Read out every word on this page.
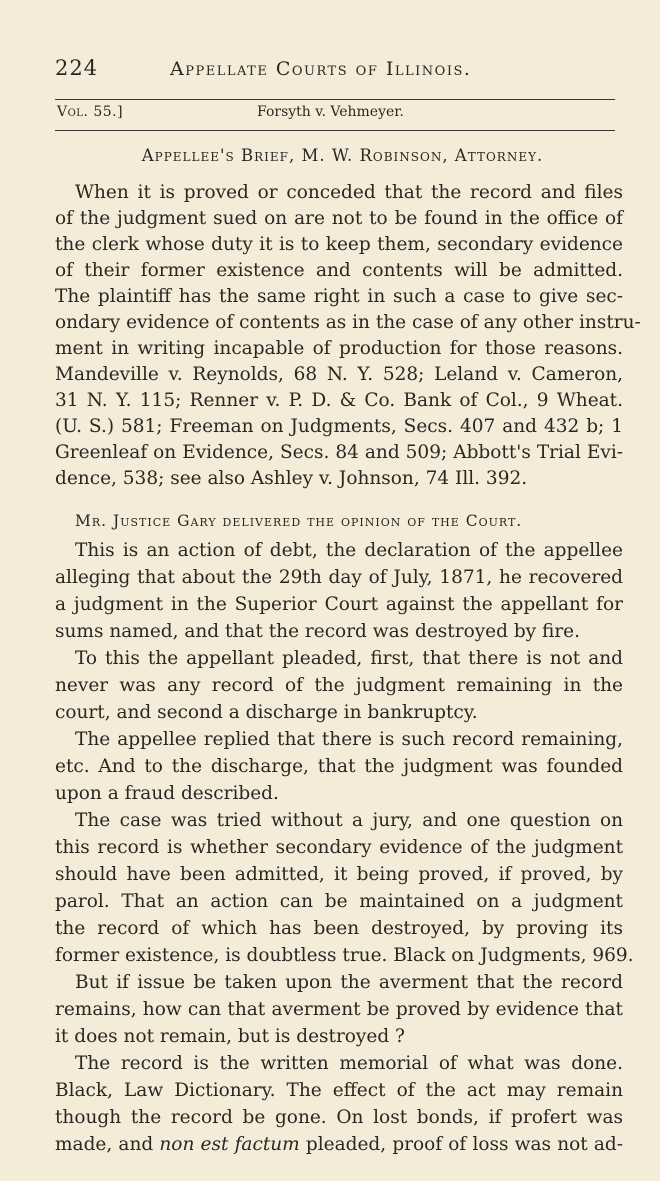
224	Appellate Courts of Illinois.
Vol. 55.]	Forsyth v. Vehmeyer.
Appellee's Brief, M. W. Robinson, Attorney.
When it is proved or conceded that the record and files
of the judgment sued on are not to be found in the office of
the clerk whose duty it is to keep them, secondary evidence
of their former existence and contents will be admitted.
The plaintiff has the same right in such a case to give sec-
ondary evidence of contents as in the case of any other instru-
ment in writing incapable of production for those reasons.
Mandeville v. Reynolds, 68 N. Y. 528; Leland v. Cameron,
31 N. Y. 115; Renner v. P. D. & Co. Bank of Col., 9 Wheat.
(U. S.) 581; Freeman on Judgments, Secs. 407 and 432 b; 1
Greenleaf on Evidence, Secs. 84 and 509; Abbott's Trial Evi-
dence, 538; see also Ashley v. Johnson, 74 Ill. 392.
Mr. Justice Gary delivered the opinion of the Court.
This is an action of debt, the declaration of the appellee
alleging that about the 29th day of July, 1871, he recovered
a judgment in the Superior Court against the appellant for
sums named, and that the record was destroyed by fire.
To this the appellant pleaded, first, that there is not and
never was any record of the judgment remaining in the
court, and second a discharge in bankruptcy.
The appellee replied that there is such record remaining,
etc. And to the discharge, that the judgment was founded
upon a fraud described.
The case was tried without a jury, and one question on
this record is whether secondary evidence of the judgment
should have been admitted, it being proved, if proved, by
parol. That an action can be maintained on a judgment
the record of which has been destroyed, by proving its
former existence, is doubtless true. Black on Judgments, 969.
But if issue be taken upon the averment that the record
remains, how can that averment be proved by evidence that
it does not remain, but is destroyed ?
The record is the written memorial of what was done.
Black, Law Dictionary. The effect of the act may remain
though the record be gone. On lost bonds, if profert was
made, and non est factum pleaded, proof of loss was not ad-
